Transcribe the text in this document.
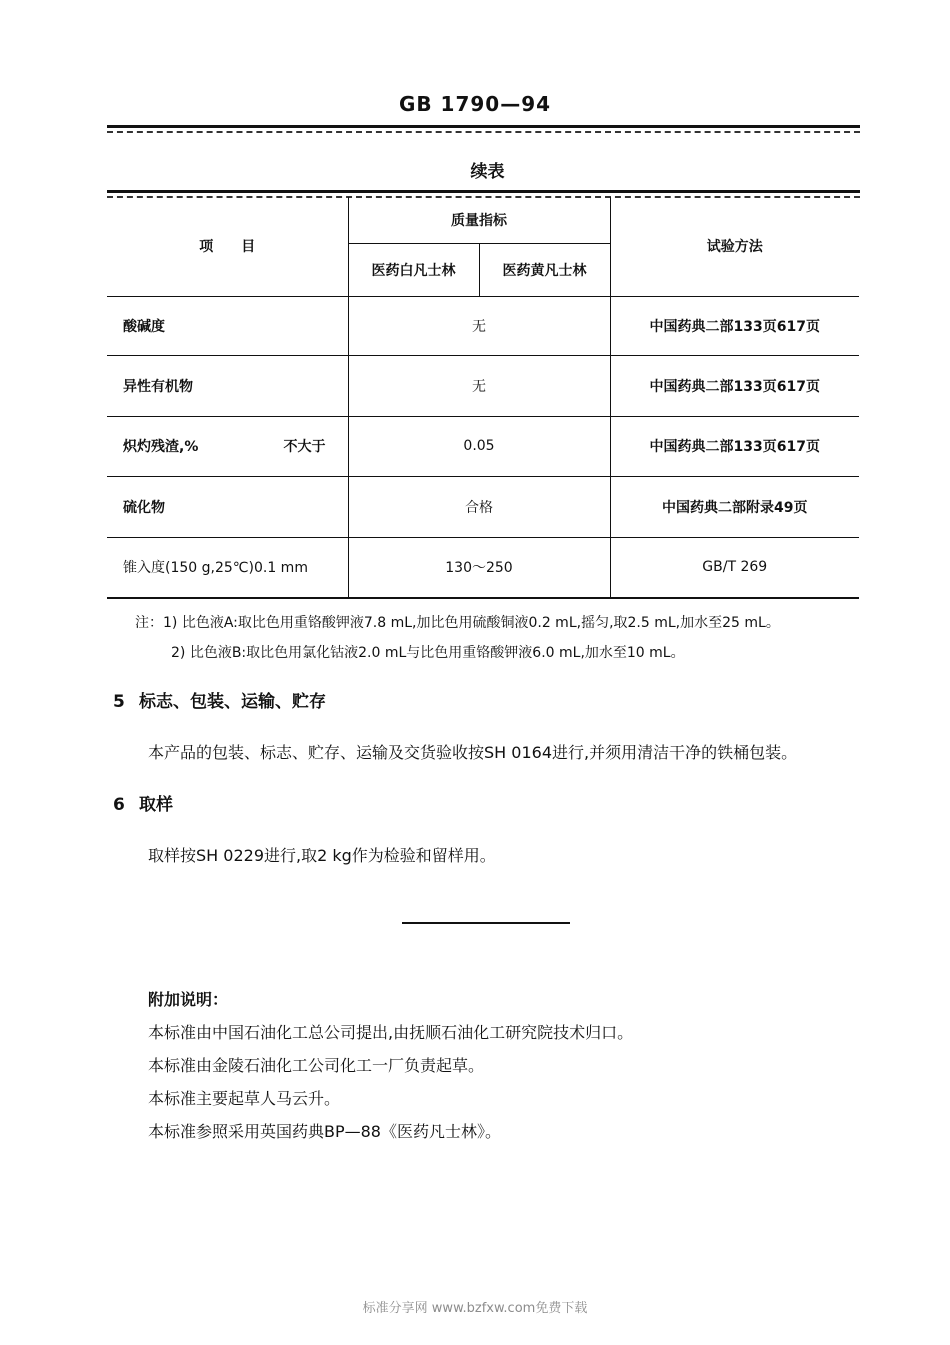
GB 1790—94
续表
项　　目	质量指标		试验方法
	医药白凡士林	医药黄凡士林	
酸碱度	无		中国药典二部133页617页
异性有机物	无		中国药典二部133页617页

炽灼残渣,% 不大于	0.05		中国药典二部133页617页
硫化物	合格		中国药典二部附录49页
锥入度(150 g,25℃)0.1 mm	130～250		GB/T 269
注：1) 比色液A:取比色用重铬酸钾液7.8 mL,加比色用硫酸铜液0.2 mL,摇匀,取2.5 mL,加水至25 mL。
2) 比色液B:取比色用氯化钴液2.0 mL与比色用重铬酸钾液6.0 mL,加水至10 mL。
5 标志、包装、运输、贮存
本产品的包装、标志、贮存、运输及交货验收按SH 0164进行,并须用清洁干净的铁桶包装。
6 取样
取样按SH 0229进行,取2 kg作为检验和留样用。
附加说明：
本标准由中国石油化工总公司提出,由抚顺石油化工研究院技术归口。
本标准由金陵石油化工公司化工一厂负责起草。
本标准主要起草人马云升。
本标准参照采用英国药典BP—88《医药凡士林》。
标准分享网 www.bzfxw.com免费下载
